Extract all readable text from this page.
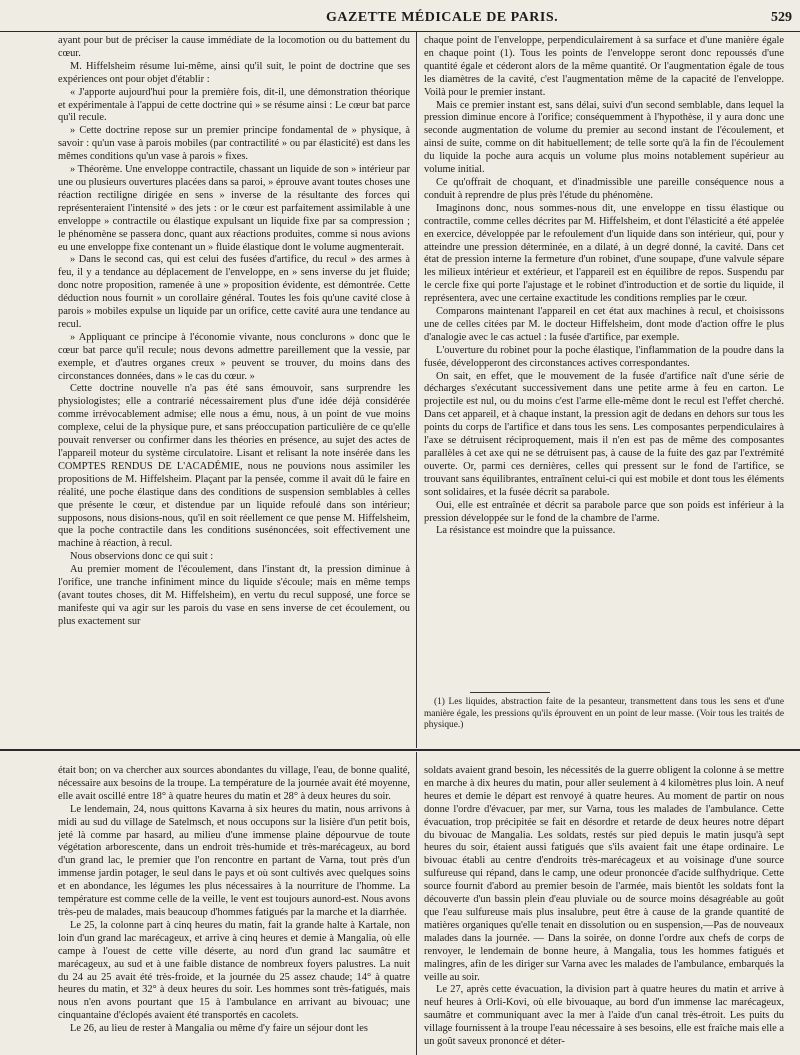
GAZETTE MÉDICALE DE PARIS.	529

ayant pour but de préciser la cause immédiate de la locomotion ou du battement du cœur.

M. Hiffelsheim résume lui-même, ainsi qu'il suit, le point de doctrine que ses expériences ont pour objet d'établir :

« J'apporte aujourd'hui pour la première fois, dit-il, une démonstration théorique et expérimentale à l'appui de cette doctrine qui » se résume ainsi : Le cœur bat parce qu'il recule.

» Cette doctrine repose sur un premier principe fondamental de » physique, à savoir : qu'un vase à parois mobiles (par contractilité » ou par élasticité) est dans les mêmes conditions qu'un vase à parois » fixes.

» Théorème. Une enveloppe contractile, chassant un liquide de son » intérieur par une ou plusieurs ouvertures placées dans sa paroi, » éprouve avant toutes choses une réaction rectiligne dirigée en sens » inverse de la résultante des forces qui représenteraient l'intensité » des jets : or le cœur est parfaitement assimilable à une enveloppe » contractile ou élastique expulsant un liquide fixe par sa compression ; le phénomène se passera donc, quant aux réactions produites, comme si nous avions eu une enveloppe fixe contenant un » fluide élastique dont le volume augmenterait.

» Dans le second cas, qui est celui des fusées d'artifice, du recul » des armes à feu, il y a tendance au déplacement de l'enveloppe, en » sens inverse du jet fluide; donc notre proposition, ramenée à une » proposition évidente, est démontrée. Cette déduction nous fournit » un corollaire général. Toutes les fois qu'une cavité close à parois » mobiles expulse un liquide par un orifice, cette cavité aura une tendance au recul.

» Appliquant ce principe à l'économie vivante, nous conclurons » donc que le cœur bat parce qu'il recule; nous devons admettre pareillement que la vessie, par exemple, et d'autres organes creux » peuvent se trouver, du moins dans des circonstances données, dans » le cas du cœur. »

Cette doctrine nouvelle n'a pas été sans émouvoir, sans surprendre les physiologistes; elle a contrarié nécessairement plus d'une idée déjà considérée comme irrévocablement admise; elle nous a ému, nous, à un point de vue moins complexe, celui de la physique pure, et sans préoccupation particulière de ce qu'elle pouvait renverser ou confirmer dans les théories en présence, au sujet des actes de l'appareil moteur du système circulatoire. Lisant et relisant la note insérée dans les COMPTES RENDUS DE L'ACADÉMIE, nous ne pouvions nous assimiler les propositions de M. Hiffelsheim. Plaçant par la pensée, comme il avait dû le faire en réalité, une poche élastique dans des conditions de suspension semblables à celles que présente le cœur, et distendue par un liquide refoulé dans son intérieur; supposons, nous disions-nous, qu'il en soit réellement ce que pense M. Hiffelsheim, que la poche contractile dans les conditions susénoncées, soit effectivement une machine à réaction, à recul.

Nous observions donc ce qui suit :

Au premier moment de l'écoulement, dans l'instant dt, la pression diminue à l'orifice, une tranche infiniment mince du liquide s'écoule; mais en même temps (avant toutes choses, dit M. Hiffelsheim), en vertu du recul supposé, une force se manifeste qui va agir sur les parois du vase en sens inverse de cet écoulement, ou plus exactement sur

chaque point de l'enveloppe, perpendiculairement à sa surface et d'une manière égale en chaque point (1). Tous les points de l'enveloppe seront donc repoussés d'une quantité égale et céderont alors de la même quantité. Or l'augmentation égale de tous les diamètres de la cavité, c'est l'augmentation même de la capacité de l'enveloppe. Voilà pour le premier instant.

Mais ce premier instant est, sans délai, suivi d'un second semblable, dans lequel la pression diminue encore à l'orifice; conséquemment à l'hypothèse, il y aura donc une seconde augmentation de volume du premier au second instant de l'écoulement, et ainsi de suite, comme on dit habituellement; de telle sorte qu'à la fin de l'écoulement du liquide la poche aura acquis un volume plus moins notablement supérieur au volume initial.

Ce qu'offrait de choquant, et d'inadmissible une pareille conséquence nous a conduit à reprendre de plus près l'étude du phénomène.

Imaginons donc, nous sommes-nous dit, une enveloppe en tissu élastique ou contractile, comme celles décrites par M. Hiffelsheim, et dont l'élasticité a été appelée en exercice, développée par le refoulement d'un liquide dans son intérieur, qui, pour y atteindre une pression déterminée, en a dilaté, à un degré donné, la cavité. Dans cet état de pression interne la fermeture d'un robinet, d'une soupape, d'une valvule sépare les milieux intérieur et extérieur, et l'appareil est en équilibre de repos. Suspendu par le cercle fixe qui porte l'ajustage et le robinet d'introduction et de sortie du liquide, il représentera, avec une certaine exactitude les conditions remplies par le cœur.

Comparons maintenant l'appareil en cet état aux machines à recul, et choisissons une de celles citées par M. le docteur Hiffelsheim, dont mode d'action offre le plus d'analogie avec le cas actuel : la fusée d'artifice, par exemple.

L'ouverture du robinet pour la poche élastique, l'inflammation de la poudre dans la fusée, développeront des circonstances actives correspondantes.

On sait, en effet, que le mouvement de la fusée d'artifice naît d'une série de décharges s'exécutant successivement dans une petite arme à feu en carton. Le projectile est nul, ou du moins c'est l'arme elle-même dont le recul est l'effet cherché. Dans cet appareil, et à chaque instant, la pression agit de dedans en dehors sur tous les points du corps de l'artifice et dans tous les sens. Les composantes perpendiculaires à l'axe se détruisent réciproquement, mais il n'en est pas de même des composantes parallèles à cet axe qui ne se détruisent pas, à cause de la fuite des gaz par l'extrémité ouverte. Or, parmi ces dernières, celles qui pressent sur le fond de l'artifice, se trouvant sans équilibrantes, entraînent celui-ci qui est mobile et dont tous les éléments sont solidaires, et la fusée décrit sa parabole.

Oui, elle est entraînée et décrit sa parabole parce que son poids est inférieur à la pression développée sur le fond de la chambre de l'arme.

La résistance est moindre que la puissance.

(1) Les liquides, abstraction faite de la pesanteur, transmettent dans tous les sens et d'une manière égale, les pressions qu'ils éprouvent en un point de leur masse. (Voir tous les traités de physique.)

était bon; on va chercher aux sources abondantes du village, l'eau, de bonne qualité, nécessaire aux besoins de la troupe. La température de la journée avait été moyenne, elle avait oscillé entre 18° à quatre heures du matin et 28° à deux heures du soir.

Le lendemain, 24, nous quittons Kavarna à six heures du matin, nous arrivons à midi au sud du village de Satelmsch, et nous occupons sur la lisière d'un petit bois, jeté là comme par hasard, au milieu d'une immense plaine dépourvue de toute végétation arborescente, dans un endroit très-humide et très-marécageux, au bord d'un grand lac, le premier que l'on rencontre en partant de Varna, tout près d'un immense jardin potager, le seul dans le pays et où sont cultivés avec quelques soins et en abondance, les légumes les plus nécessaires à la nourriture de l'homme. La température est comme celle de la veille, le vent est toujours aunord-est. Nous avons très-peu de malades, mais beaucoup d'hommes fatigués par la marche et la diarrhée.

Le 25, la colonne part à cinq heures du matin, fait la grande halte à Kartale, non loin d'un grand lac marécageux, et arrive à cinq heures et demie à Mangalia, où elle campe à l'ouest de cette ville déserte, au nord d'un grand lac saumâtre et marécageux, au sud et à une faible distance de nombreux foyers palustres. La nuit du 24 au 25 avait été très-froide, et la journée du 25 assez chaude; 14° à quatre heures du matin, et 32° à deux heures du soir. Les hommes sont très-fatigués, mais nous n'en avons pourtant que 15 à l'ambulance en arrivant au bivouac; une cinquantaine d'éclopés avaient été transportés en cacolets.

Le 26, au lieu de rester à Mangalia ou même d'y faire un séjour dont les

soldats avaient grand besoin, les nécessités de la guerre obligent la colonne à se mettre en marche à dix heures du matin, pour aller seulement à 4 kilomètres plus loin. A neuf heures et demie le départ est renvoyé à quatre heures. Au moment de partir on nous donne l'ordre d'évacuer, par mer, sur Varna, tous les malades de l'ambulance. Cette évacuation, trop précipitée se fait en désordre et retarde de deux heures notre départ du bivouac de Mangalia. Les soldats, restés sur pied depuis le matin jusqu'à sept heures du soir, étaient aussi fatigués que s'ils avaient fait une étape ordinaire. Le bivouac établi au centre d'endroits très-marécageux et au voisinage d'une source sulfureuse qui répand, dans le camp, une odeur prononcée d'acide sulfhydrique. Cette source fournit d'abord au premier besoin de l'armée, mais bientôt les soldats font la découverte d'un bassin plein d'eau pluviale ou de source moins désagréable au goût que l'eau sulfureuse mais plus insalubre, peut être à cause de la grande quantité de matières organiques qu'elle tenait en dissolution ou en suspension,—Pas de nouveaux malades dans la journée. — Dans la soirée, on donne l'ordre aux chefs de corps de renvoyer, le lendemain de bonne heure, à Mangalia, tous les hommes fatigués et malingres, afin de les diriger sur Varna avec les malades de l'ambulance, embarqués la veille au soir.

Le 27, après cette évacuation, la division part à quatre heures du matin et arrive à neuf heures à Orli-Kovi, où elle bivouaque, au bord d'un immense lac marécageux, saumâtre et communiquant avec la mer à l'aide d'un canal très-étroit. Les puits du village fournissent à la troupe l'eau nécessaire à ses besoins, elle est fraîche mais elle a un goût saveux prononcé et déter-
